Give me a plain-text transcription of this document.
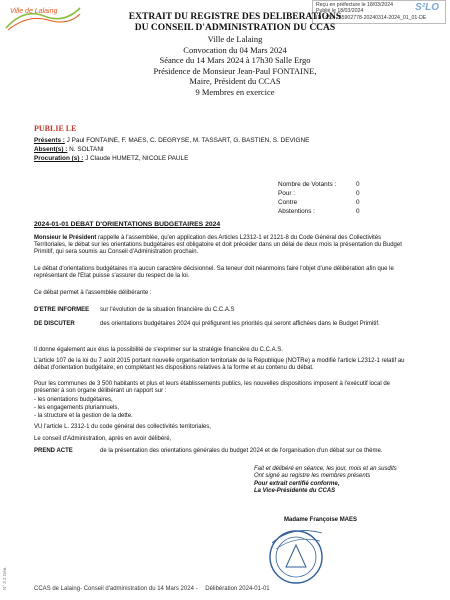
Ville de Lalaing
Reçu en préfecture le 18/03/2024
Publié le 18/03/2024
ID : 059-265902778-20240314-2024_01_01-DE
S²LO
EXTRAIT DU REGISTRE DES DELIBERATIONS
DU CONSEIL D'ADMINISTRATION DU CCAS
Ville de Lalaing
Convocation du 04 Mars 2024
Séance du 14 Mars 2024 à 17h30 Salle Ergo
Présidence de Monsieur Jean-Paul FONTAINE,
Maire, Président du CCAS
9 Membres en exercice
PUBLIE LE
Présents : J Paul FONTAINE, F. MAES, C. DEGRYSE, M. TASSART, G. BASTIEN, S. DEVIGNE
Absent(s) : N. SOLTANI
Procuration (s) : J Claude HUMETZ, NICOLE PAULE
Nombre de Votants :	0
Pour :	0
Contre	0
Abstentions :	0
2024-01-01 DEBAT D'ORIENTATIONS BUDGETAIRES 2024
Monsieur le Président rappelle à l'assemblée, qu'en application des Articles L2312-1 et 2121-8 du Code Général des Collectivités Territoriales, le débat sur les orientations budgétaires est obligatoire et doit précéder dans un délai de deux mois la présentation du Budget Primitif, qui sera soumis au Conseil d'Administration prochain.
Le débat d'orientations budgétaires n'a aucun caractère décisionnel. Sa teneur doit néanmoins faire l'objet d'une délibération afin que le représentant de l'Etat puisse s'assurer du respect de la loi.
Ce débat permet à l'assemblée délibérante :
D'ETRE INFORMEE	sur l'évolution de la situation financière du C.C.A.S
DE DISCUTER	des orientations budgétaires 2024 qui préfigurent les priorités qui seront affichées dans le Budget Primitif.
Il donne également aux élus la possibilité de s'exprimer sur la stratégie financière du C.C.A.S.
L'article 107 de la loi du 7 août 2015 portant nouvelle organisation territoriale de la République (NOTRe) a modifié l'article L2312-1 relatif au débat d'orientation budgétaire, en complétant les dispositions relatives à la forme et au contenu du débat.
Pour les communes de 3 500 habitants et plus et leurs établissements publics, les nouvelles dispositions imposent à l'exécutif local de présenter à son organe délibérant un rapport sur :
- les orientations budgétaires,
- les engagements pluriannuels,
- la structure et la gestion de la dette.
VU l'article L. 2312-1 du code général des collectivités territoriales,
Le conseil d'Administration, après en avoir délibéré,
PREND ACTE	de la présentation des orientations générales du budget 2024 et de l'organisation d'un débat sur ce thème.
Fait et délibéré en séance, les jour, mois et an susdits
Ont signé au registre les membres présents
Pour extrait certifié conforme,
La Vice-Présidente du CCAS
Madame Françoise MAES
N° 3 2 Gén.	CCAS de Lalaing- Conseil d'administration du 14 Mars 2024 - Délibération 2024-01-01
